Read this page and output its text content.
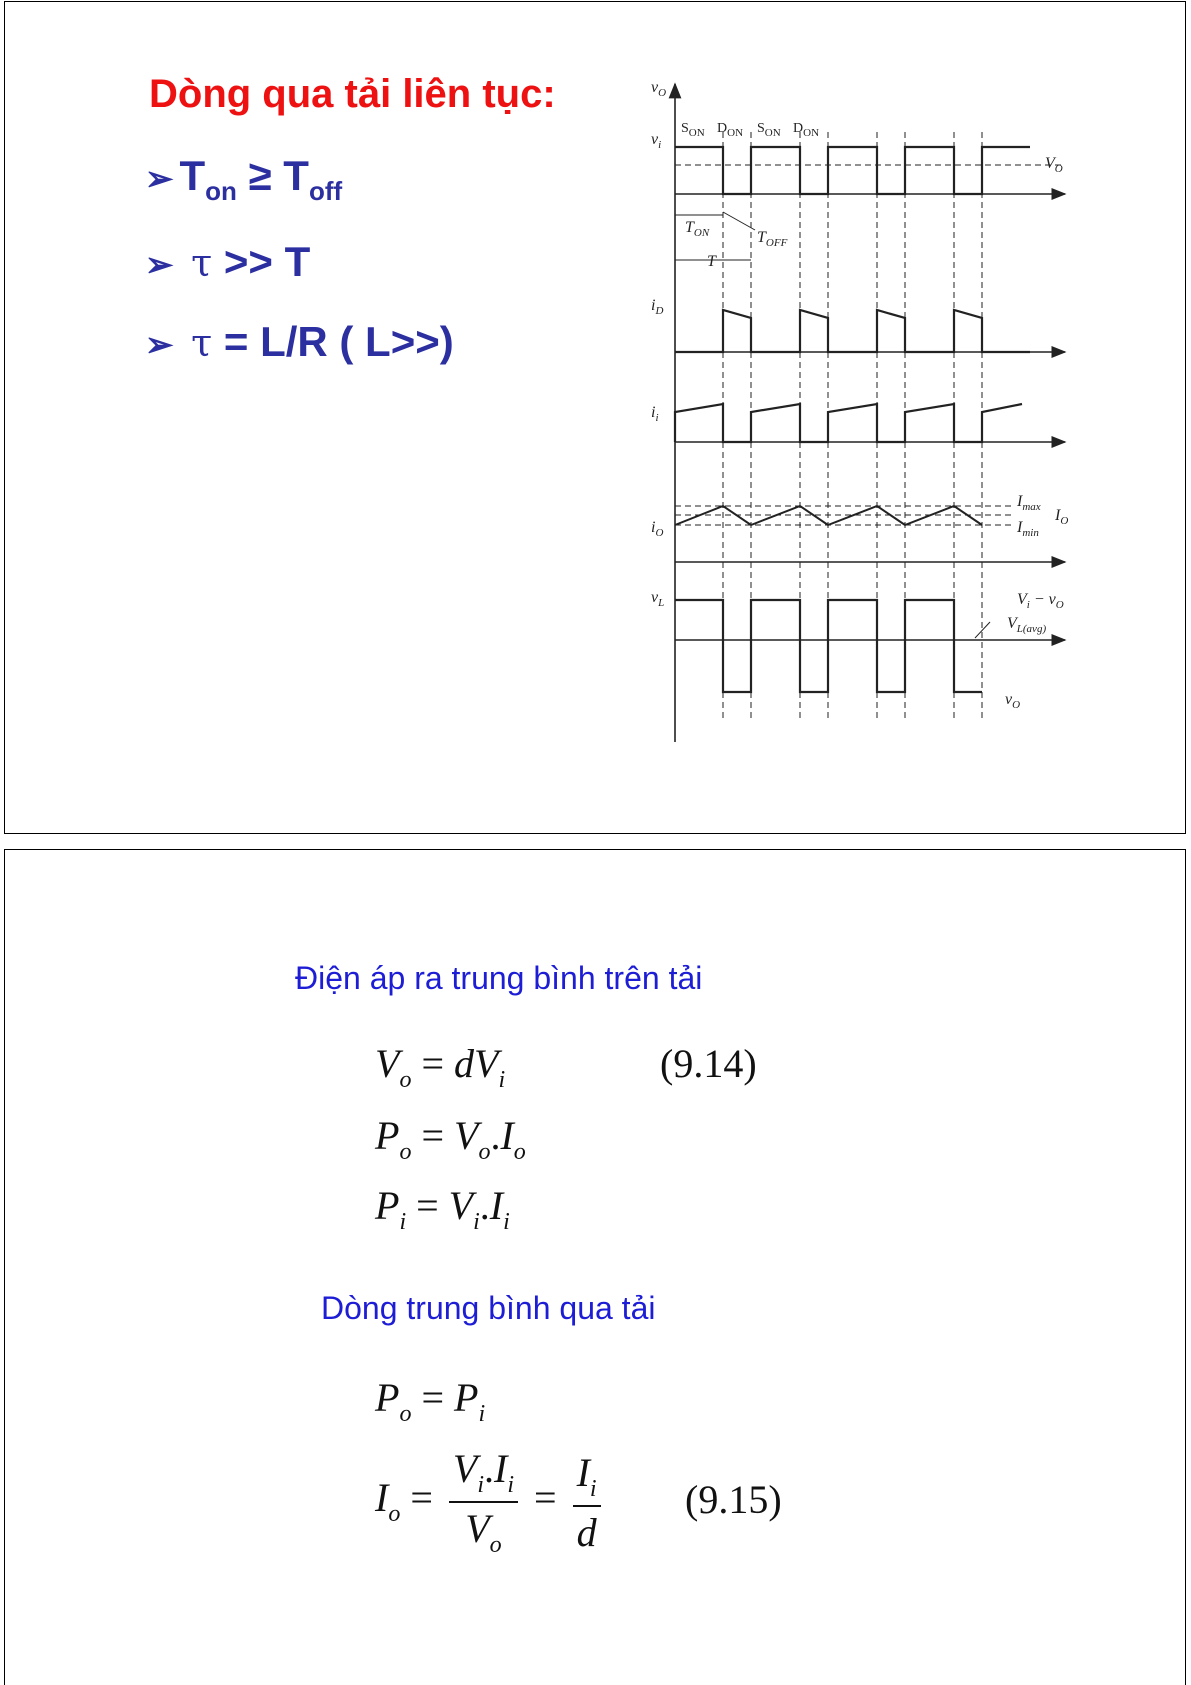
Dòng qua tải liên tục:
➢ $T_{on} \ge T_{off}$
➢ τ >> T
➢ τ = L/R ( L>>)
$v_O$
$v_i$
$S_{ON}$ $D_{ON}$ $S_{ON}$ $D_{ON}$
$V_O$
$T_{ON}$	$T_{OFF}$
T
$i_D$
$i_i$
$i_O$
$I_{max}$
$I_{min}$
$I_O$
$v_L$	$V_i - v_O$
$V_{L(avg)}$
$v_O$
Điện áp ra trung bình trên tải
$V_o = dV_i$	(9.14)
$P_o = V_o.I_o$
$P_i = V_i.I_i$
Dòng trung bình qua tải
$P_o = P_i$
$I_o = \frac{V_i.I_i}{V_o} = \frac{I_i}{d} (9.15)$
